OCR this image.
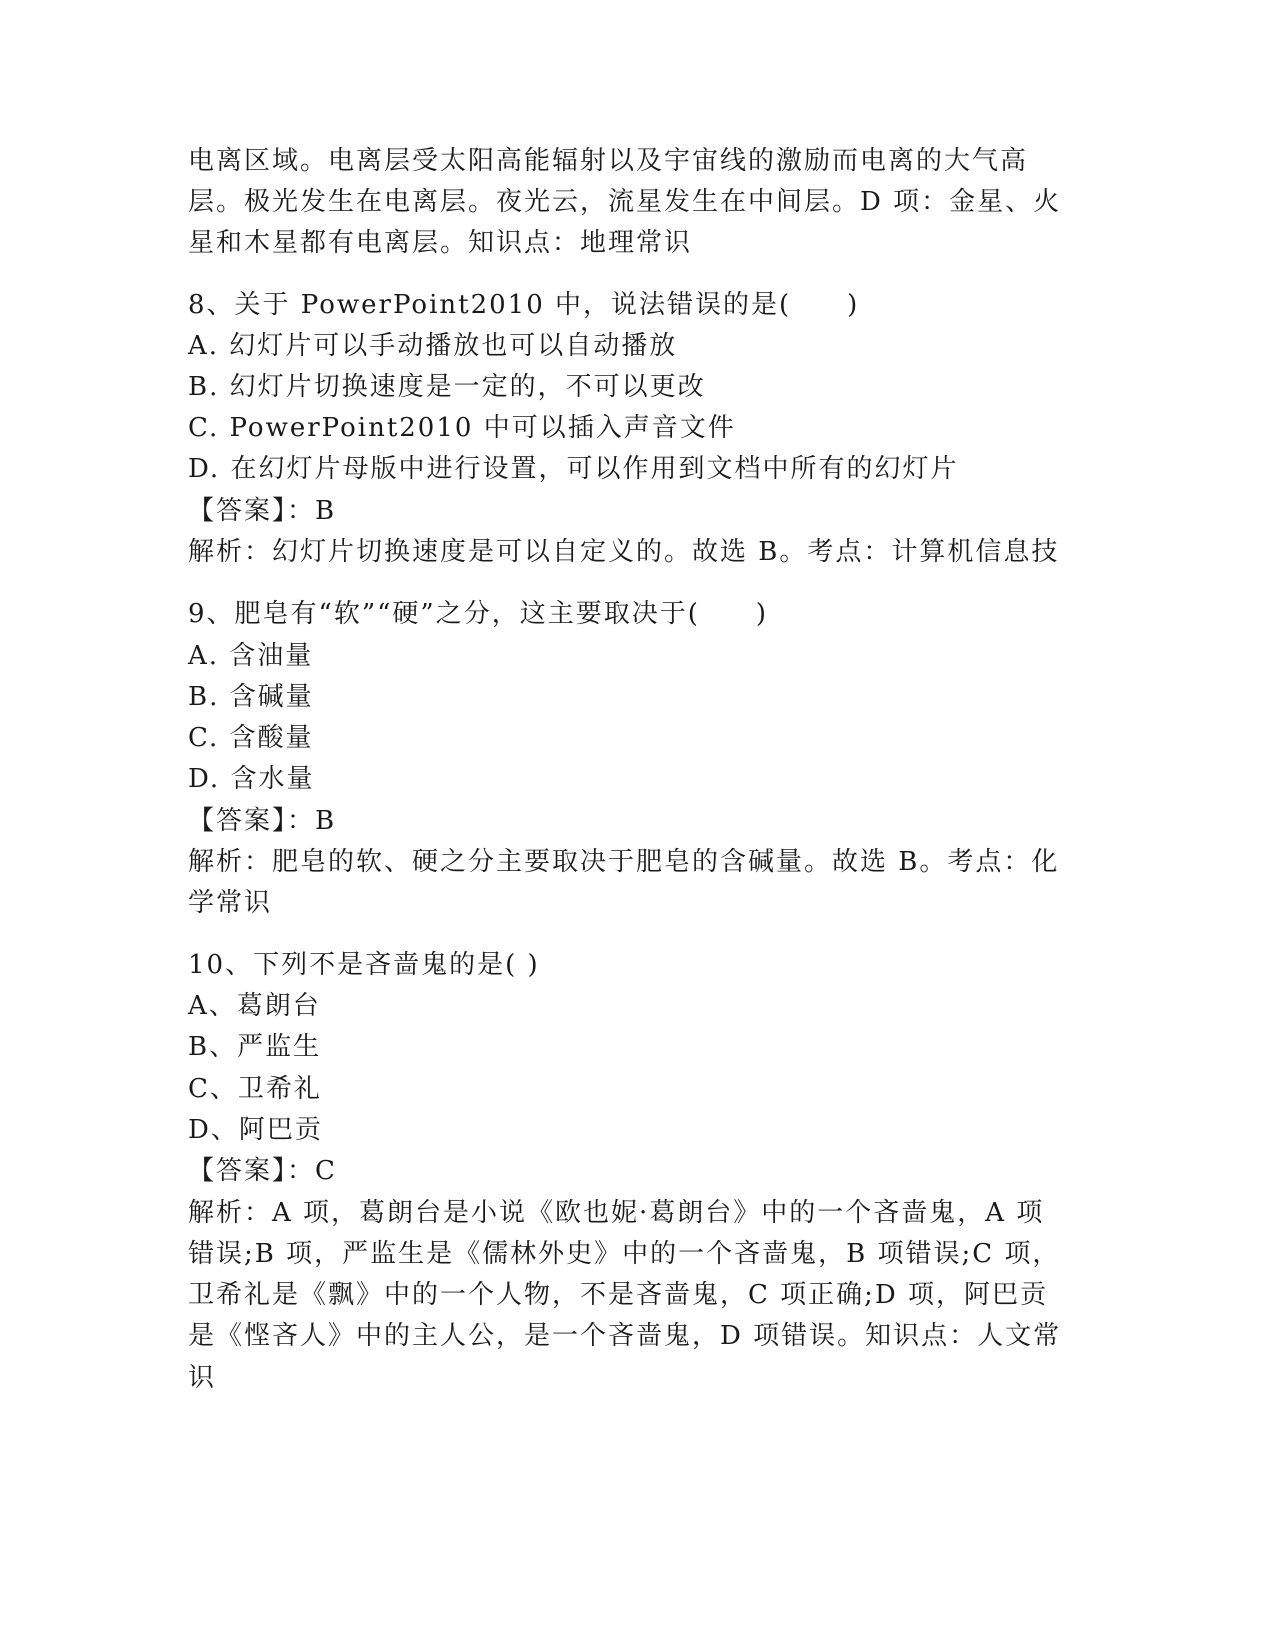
电离区域。电离层受太阳高能辐射以及宇宙线的激励而电离的大气高
层。极光发生在电离层。夜光云，流星发生在中间层。D 项：金星、火
星和木星都有电离层。知识点：地理常识
8、关于 PowerPoint2010 中，说法错误的是(　　)
A. 幻灯片可以手动播放也可以自动播放
B. 幻灯片切换速度是一定的，不可以更改
C. PowerPoint2010 中可以插入声音文件
D. 在幻灯片母版中进行设置，可以作用到文档中所有的幻灯片
【答案】：B
解析：幻灯片切换速度是可以自定义的。故选 B。考点：计算机信息技
9、肥皂有“软”“硬”之分，这主要取决于(　　)
A. 含油量
B. 含碱量
C. 含酸量
D. 含水量
【答案】：B
解析：肥皂的软、硬之分主要取决于肥皂的含碱量。故选 B。考点：化
学常识
10、下列不是吝啬鬼的是( )
A、葛朗台
B、严监生
C、卫希礼
D、阿巴贡
【答案】：C
解析：A 项，葛朗台是小说《欧也妮·葛朗台》中的一个吝啬鬼，A 项
错误;B 项，严监生是《儒林外史》中的一个吝啬鬼，B 项错误;C 项，
卫希礼是《飘》中的一个人物，不是吝啬鬼，C 项正确;D 项，阿巴贡
是《悭吝人》中的主人公，是一个吝啬鬼，D 项错误。知识点：人文常
识
